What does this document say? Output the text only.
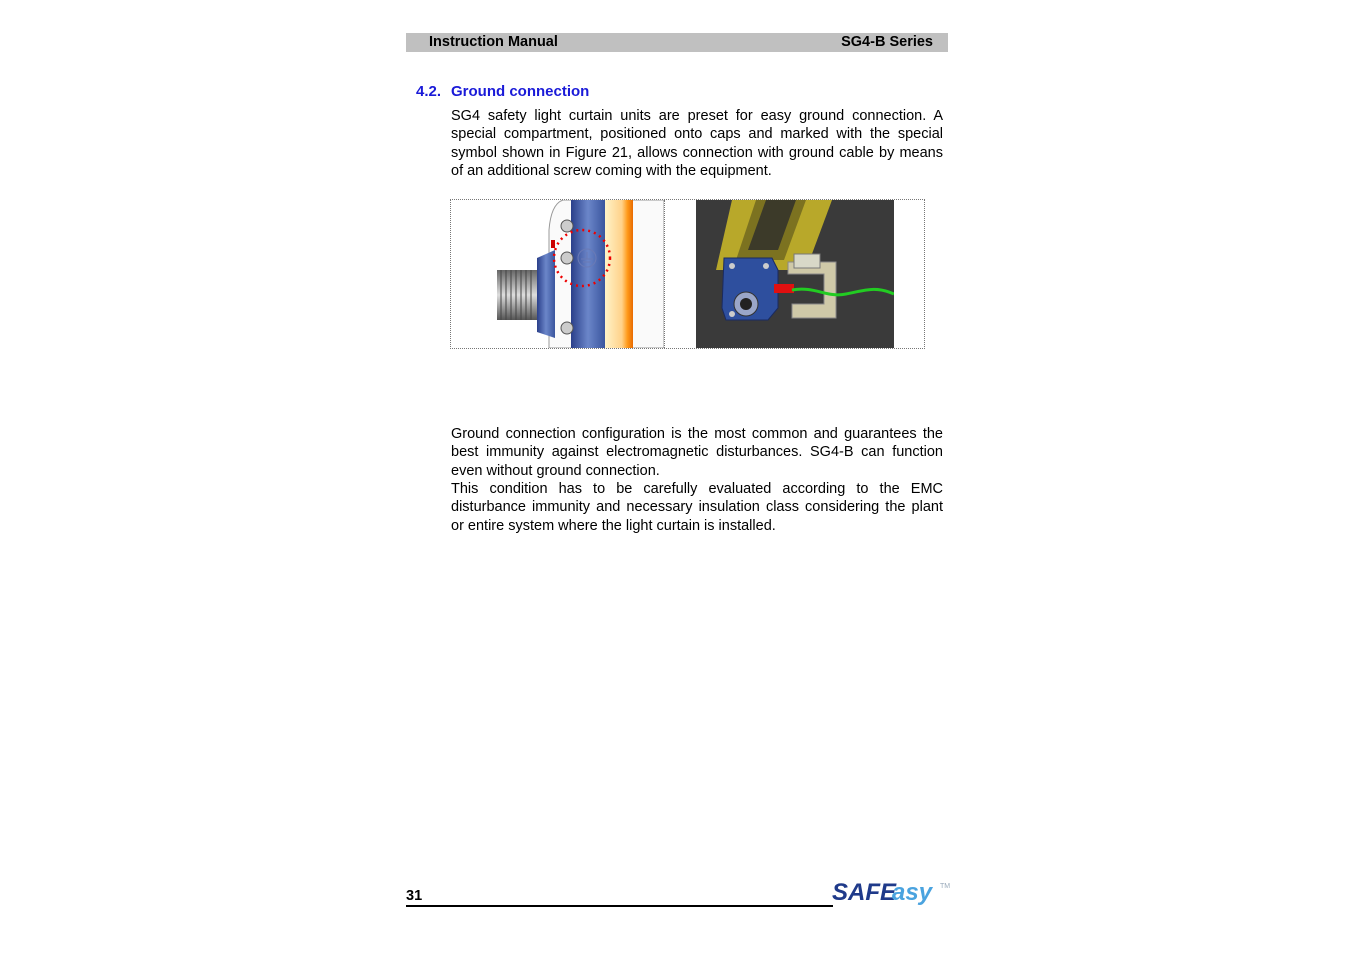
Instruction Manual	SG4-B Series
4.2. Ground connection
SG4 safety light curtain units are preset for easy ground connection. A special compartment, positioned onto caps and marked with the special symbol shown in Figure 21, allows connection with ground cable by means of an additional screw coming with the equipment.
Ground connection configuration is the most common and guarantees the best immunity against electromagnetic disturbances. SG4-B can function even without ground connection.
This condition has to be carefully evaluated according to the EMC disturbance immunity and necessary insulation class considering the plant or entire system where the light curtain is installed.
31	SAFE
asy TM
